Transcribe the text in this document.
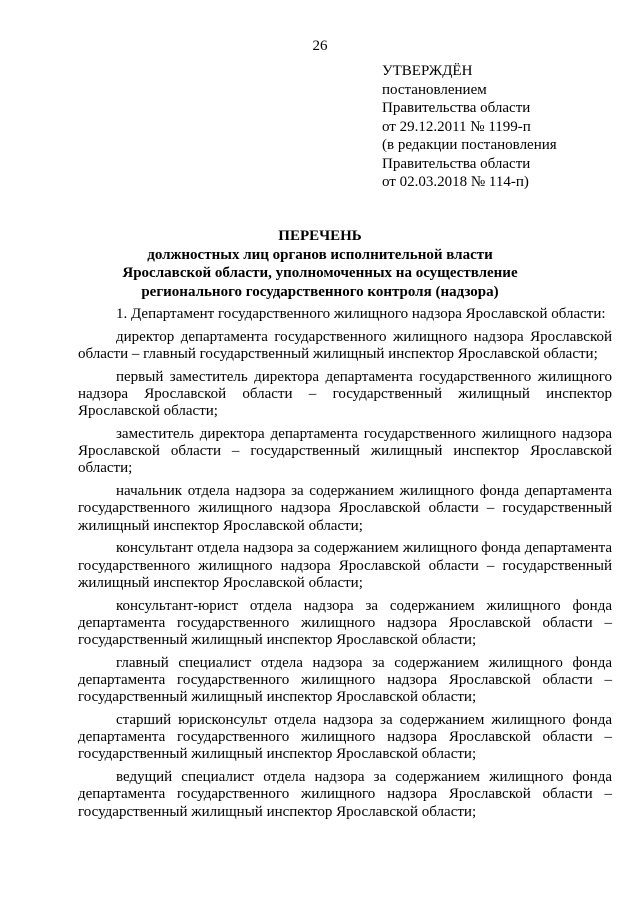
26
УТВЕРЖДЁН
постановлением
Правительства области
от 29.12.2011 № 1199-п
(в редакции постановления
Правительства области
от 02.03.2018 № 114-п)
ПЕРЕЧЕНЬ
должностных лиц органов исполнительной власти
Ярославской области, уполномоченных на осуществление
регионального государственного контроля (надзора)

1. Департамент государственного жилищного надзора Ярославской области:

директор департамента государственного жилищного надзора Ярославской области – главный государственный жилищный инспектор Ярославской области;

первый заместитель директора департамента государственного жилищного надзора Ярославской области – государственный жилищный инспектор Ярославской области;

заместитель директора департамента государственного жилищного надзора Ярославской области – государственный жилищный инспектор Ярославской области;

начальник отдела надзора за содержанием жилищного фонда департамента государственного жилищного надзора Ярославской области – государственный жилищный инспектор Ярославской области;

консультант отдела надзора за содержанием жилищного фонда департамента государственного жилищного надзора Ярославской области – государственный жилищный инспектор Ярославской области;

консультант-юрист отдела надзора за содержанием жилищного фонда департамента государственного жилищного надзора Ярославской области – государственный жилищный инспектор Ярославской области;

главный специалист отдела надзора за содержанием жилищного фонда департамента государственного жилищного надзора Ярославской области – государственный жилищный инспектор Ярославской области;

старший юрисконсульт отдела надзора за содержанием жилищного фонда департамента государственного жилищного надзора Ярославской области – государственный жилищный инспектор Ярославской области;

ведущий специалист отдела надзора за содержанием жилищного фонда департамента государственного жилищного надзора Ярославской области – государственный жилищный инспектор Ярославской области;
